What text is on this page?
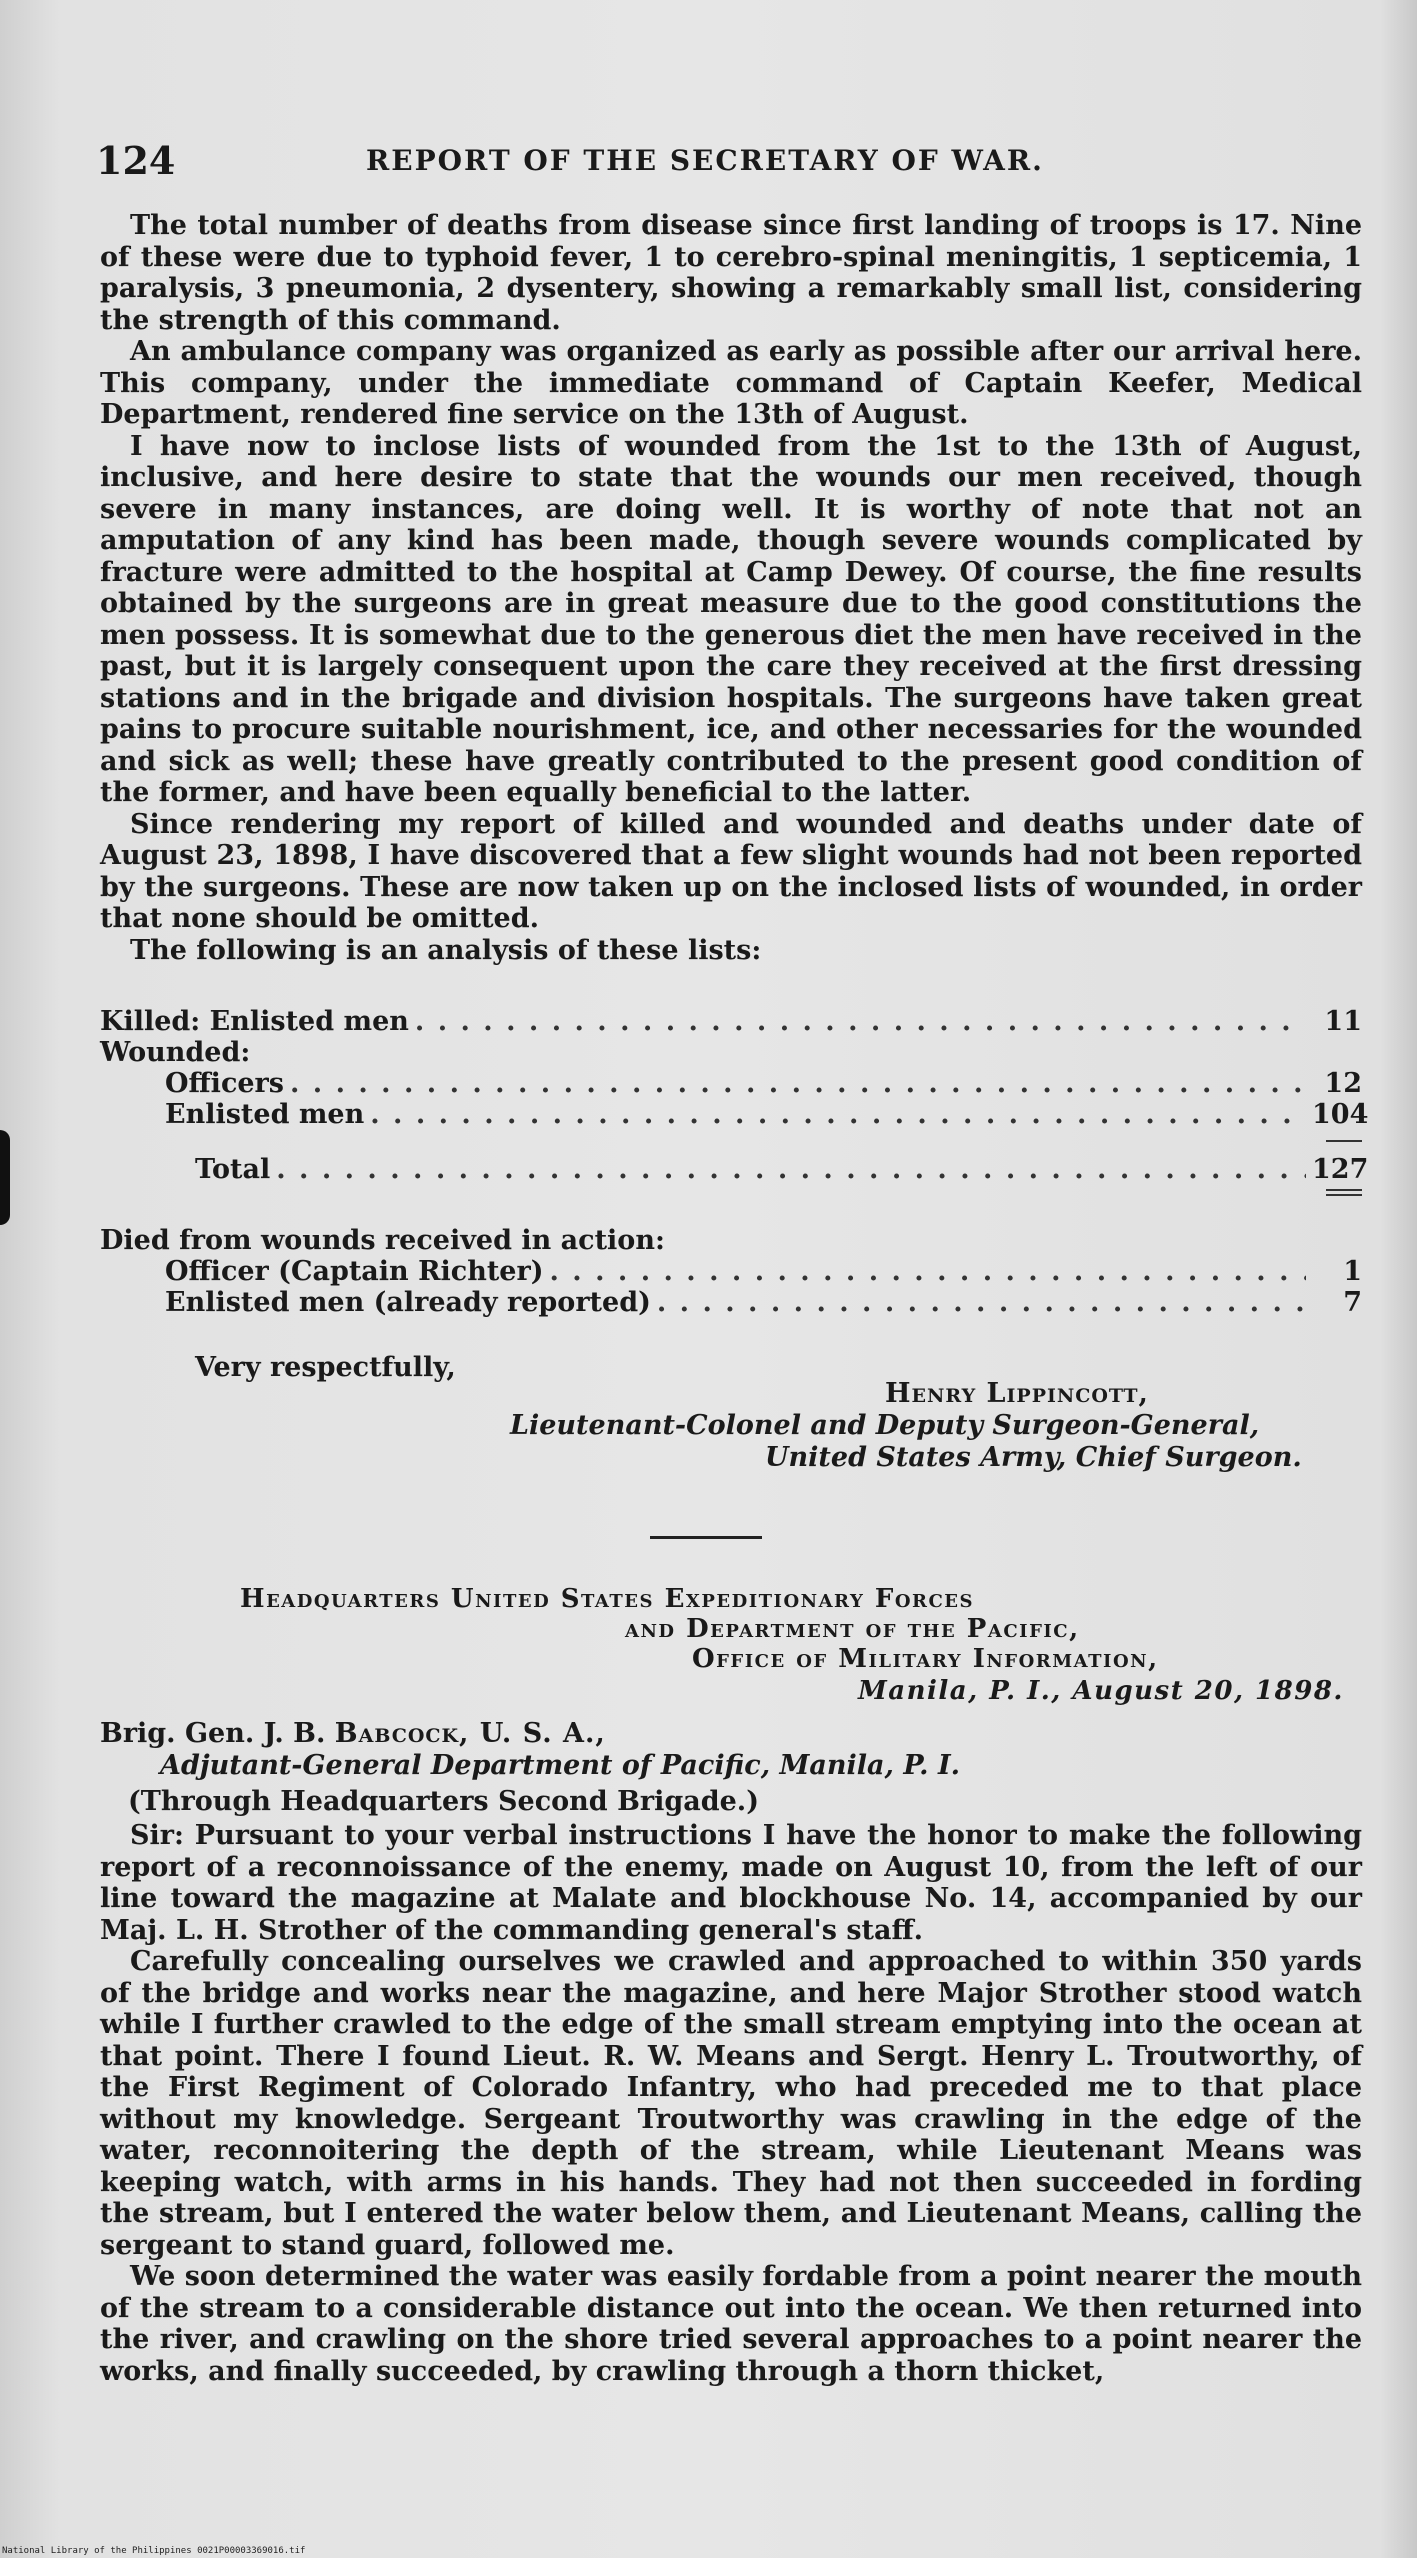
124	REPORT OF THE SECRETARY OF WAR.

The total number of deaths from disease since first landing of troops is 17. Nine of these were due to typhoid fever, 1 to cerebro-spinal meningitis, 1 septicemia, 1 paralysis, 3 pneumonia, 2 dysentery, showing a remarkably small list, considering the strength of this command.

An ambulance company was organized as early as possible after our arrival here. This company, under the immediate command of Captain Keefer, Medical Department, rendered fine service on the 13th of August.

I have now to inclose lists of wounded from the 1st to the 13th of August, inclusive, and here desire to state that the wounds our men received, though severe in many instances, are doing well. It is worthy of note that not an amputation of any kind has been made, though severe wounds complicated by fracture were admitted to the hospital at Camp Dewey. Of course, the fine results obtained by the surgeons are in great measure due to the good constitutions the men possess. It is somewhat due to the generous diet the men have received in the past, but it is largely consequent upon the care they received at the first dressing stations and in the brigade and division hospitals. The surgeons have taken great pains to procure suitable nourishment, ice, and other necessaries for the wounded and sick as well; these have greatly contributed to the present good condition of the former, and have been equally beneficial to the latter.

Since rendering my report of killed and wounded and deaths under date of August 23, 1898, I have discovered that a few slight wounds had not been reported by the surgeons. These are now taken up on the inclosed lists of wounded, in order that none should be omitted.

The following is an analysis of these lists:

Killed: Enlisted men . . .	11
Wounded:
Officers . . .	12
Enlisted men . . .	104
Total . . .	127
Died from wounds received in action:
Officer (Captain Richter) . . .	1
Enlisted men (already reported) . . .	7
Very respectfully,
Henry Lippincott,
Lieutenant-Colonel and Deputy Surgeon-General,
United States Army, Chief Surgeon.
Headquarters United States Expeditionary Forces
and Department of the Pacific,
Office of Military Information,
Manila, P. I., August 20, 1898.
Brig. Gen. J. B. Babcock, U. S. A.,
Adjutant-General Department of Pacific, Manila, P. I.
(Through Headquarters Second Brigade.)

Sir: Pursuant to your verbal instructions I have the honor to make the following report of a reconnoissance of the enemy, made on August 10, from the left of our line toward the magazine at Malate and blockhouse No. 14, accompanied by our Maj. L. H. Strother of the commanding general's staff.

Carefully concealing ourselves we crawled and approached to within 350 yards of the bridge and works near the magazine, and here Major Strother stood watch while I further crawled to the edge of the small stream emptying into the ocean at that point. There I found Lieut. R. W. Means and Sergt. Henry L. Troutworthy, of the First Regiment of Colorado Infantry, who had preceded me to that place without my knowledge. Sergeant Troutworthy was crawling in the edge of the water, reconnoitering the depth of the stream, while Lieutenant Means was keeping watch, with arms in his hands. They had not then succeeded in fording the stream, but I entered the water below them, and Lieutenant Means, calling the sergeant to stand guard, followed me.

We soon determined the water was easily fordable from a point nearer the mouth of the stream to a considerable distance out into the ocean. We then returned into the river, and crawling on the shore tried several approaches to a point nearer the works, and finally succeeded, by crawling through a thorn thicket,

National Library of the Philippines 0021P00003369016.tif
